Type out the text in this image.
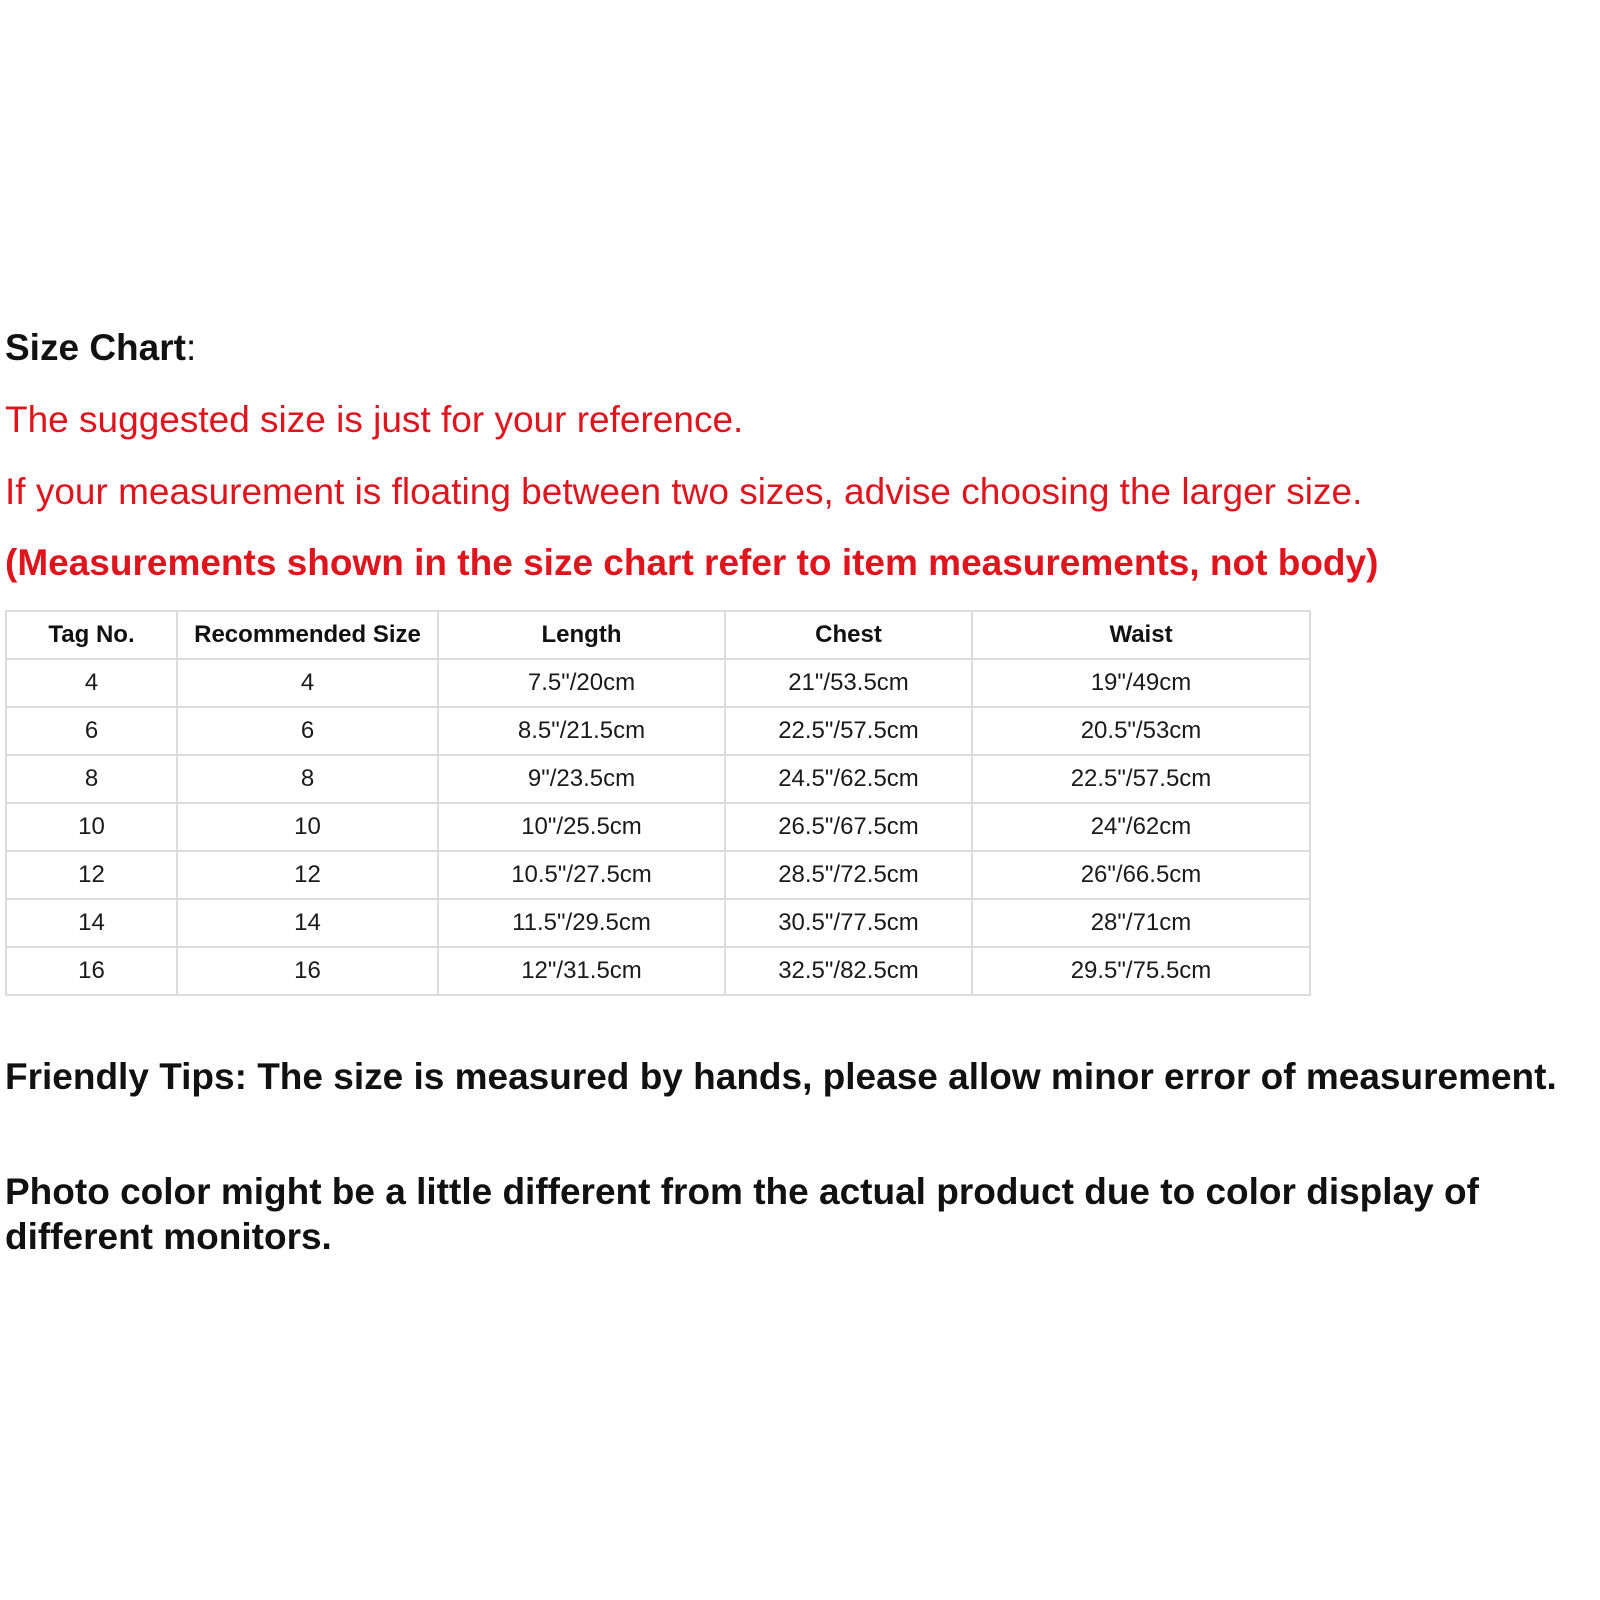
Size Chart:
The suggested size is just for your reference.
If your measurement is floating between two sizes, advise choosing the larger size.
(Measurements shown in the size chart refer to item measurements, not body)
Tag No.	Recommended Size	Length	Chest	Waist
4	4	7.5"/20cm	21"/53.5cm	19"/49cm
6	6	8.5"/21.5cm	22.5"/57.5cm	20.5"/53cm
8	8	9"/23.5cm	24.5"/62.5cm	22.5"/57.5cm
10	10	10"/25.5cm	26.5"/67.5cm	24"/62cm
12	12	10.5"/27.5cm	28.5"/72.5cm	26"/66.5cm
14	14	11.5"/29.5cm	30.5"/77.5cm	28"/71cm
16	16	12"/31.5cm	32.5"/82.5cm	29.5"/75.5cm
Friendly Tips: The size is measured by hands, please allow minor error of measurement.
Photo color might be a little different from the actual product due to color display of different monitors.
